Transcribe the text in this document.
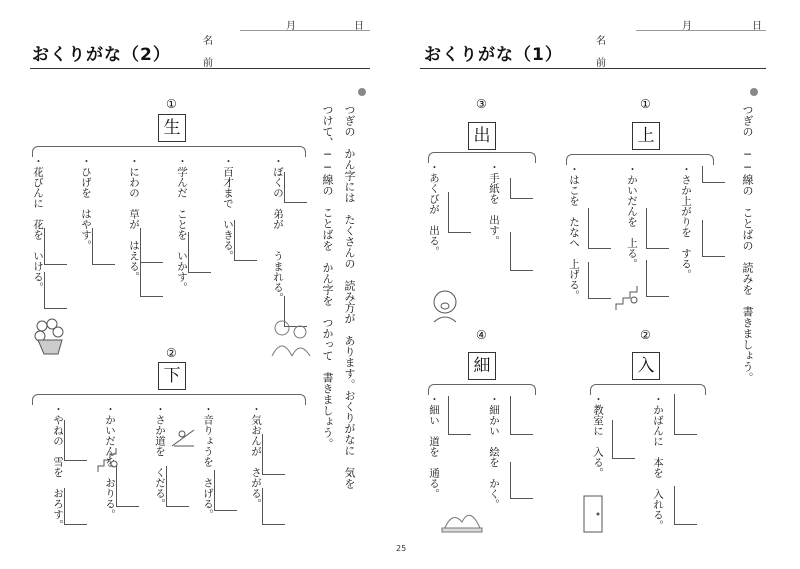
おくりがな（2）
名
前
月	日
つぎの　かん字には　たくさんの　読み方が　あります。おくりがなに　気を
つけて、──線の　ことばを　かん字を　つかって　書きましょう。
①
生
・ぼくの　弟が　　うまれる。
・百才まで　いきる。
・学んだ　ことを　いかす。
・にわの　草が　はえる。
・ひげを　はやす。
・花びんに　花を　いける。
②
下
・気おんが　さがる。
・音りょうを　さげる。
・さか道を　くだる。
・かいだんを　おりる。
・やねの　雪を　おろす。
おくりがな（1）
名
前
月	日
つぎの　──線の　ことばの　読みを　書きましょう。
①
上
・さか上がりを　する。
・かいだんを　上る。
・はこを　たなへ　上げる。
③
出
・手紙を　出す。
・あくびが　出る。
②
入
・かばんに　本を　入れる。
・教室に　入る。
④
細
・細かい　絵を　かく。
・細い　道を　通る。
25
